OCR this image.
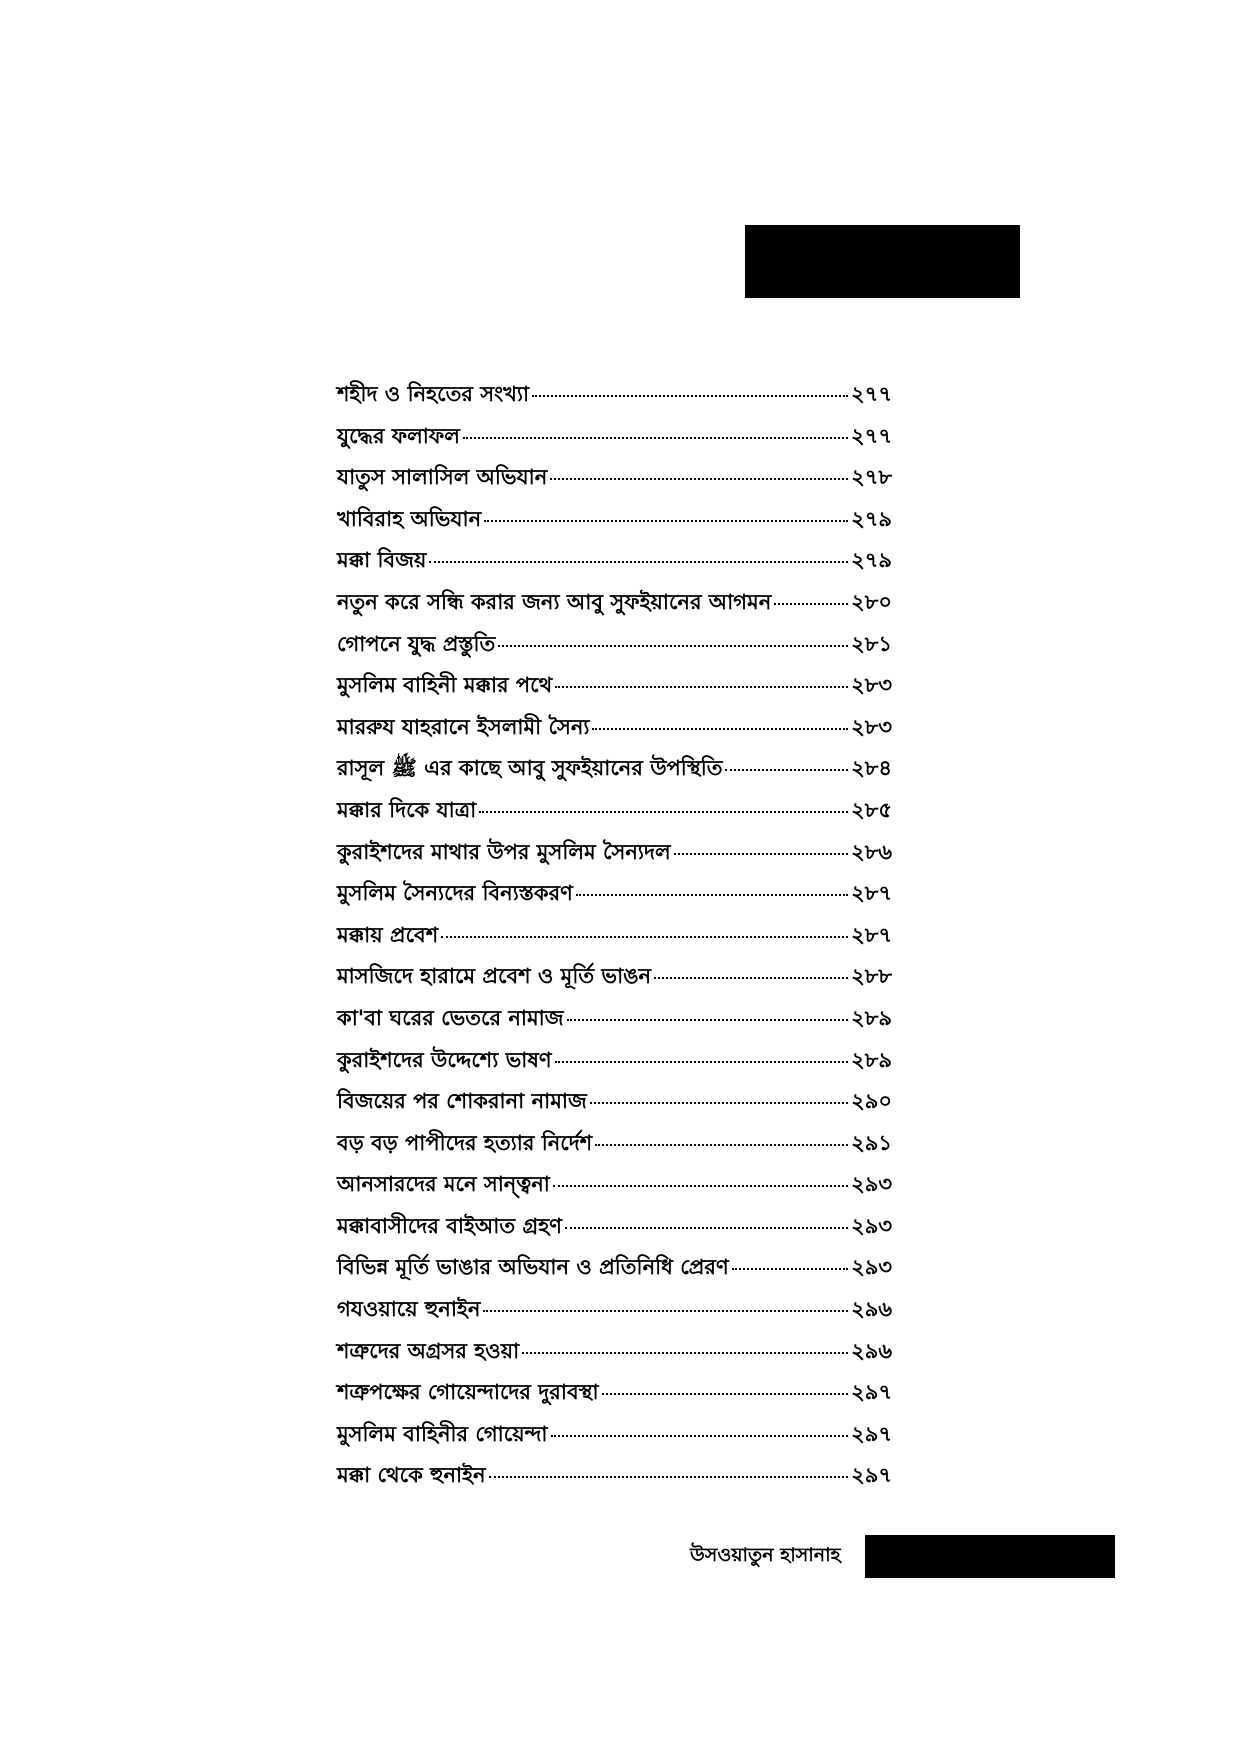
শহীদ ও নিহতের সংখ্যা	২৭৭
যুদ্ধের ফলাফল	২৭৭
যাতুস সালাসিল অভিযান	২৭৮
খাবিরাহ অভিযান	২৭৯
মক্কা বিজয়	২৭৯
নতুন করে সন্ধি করার জন্য আবু সুফইয়ানের আগমন	২৮০
গোপনে যুদ্ধ প্রস্তুতি	২৮১
মুসলিম বাহিনী মক্কার পথে	২৮৩
মাররুয যাহরানে ইসলামী সৈন্য	২৮৩
রাসূল ﷺ এর কাছে আবু সুফইয়ানের উপস্থিতি	২৮৪
মক্কার দিকে যাত্রা	২৮৫
কুরাইশদের মাথার উপর মুসলিম সৈন্যদল	২৮৬
মুসলিম সৈন্যদের বিন্যস্তকরণ	২৮৭
মক্কায় প্রবেশ	২৮৭
মাসজিদে হারামে প্রবেশ ও মূর্তি ভাঙন	২৮৮
কা'বা ঘরের ভেতরে নামাজ	২৮৯
কুরাইশদের উদ্দেশ্যে ভাষণ	২৮৯
বিজয়ের পর শোকরানা নামাজ	২৯০
বড় বড় পাপীদের হত্যার নির্দেশ	২৯১
আনসারদের মনে সান্ত্বনা	২৯৩
মক্কাবাসীদের বাইআত গ্রহণ	২৯৩
বিভিন্ন মূর্তি ভাঙার অভিযান ও প্রতিনিধি প্রেরণ	২৯৩
গযওয়ায়ে হুনাইন	২৯৬
শত্রুদের অগ্রসর হওয়া	২৯৬
শত্রুপক্ষের গোয়েন্দাদের দুরাবস্থা	২৯৭
মুসলিম বাহিনীর গোয়েন্দা	২৯৭
মক্কা থেকে হুনাইন	২৯৭
উসওয়াতুন হাসানাহ
